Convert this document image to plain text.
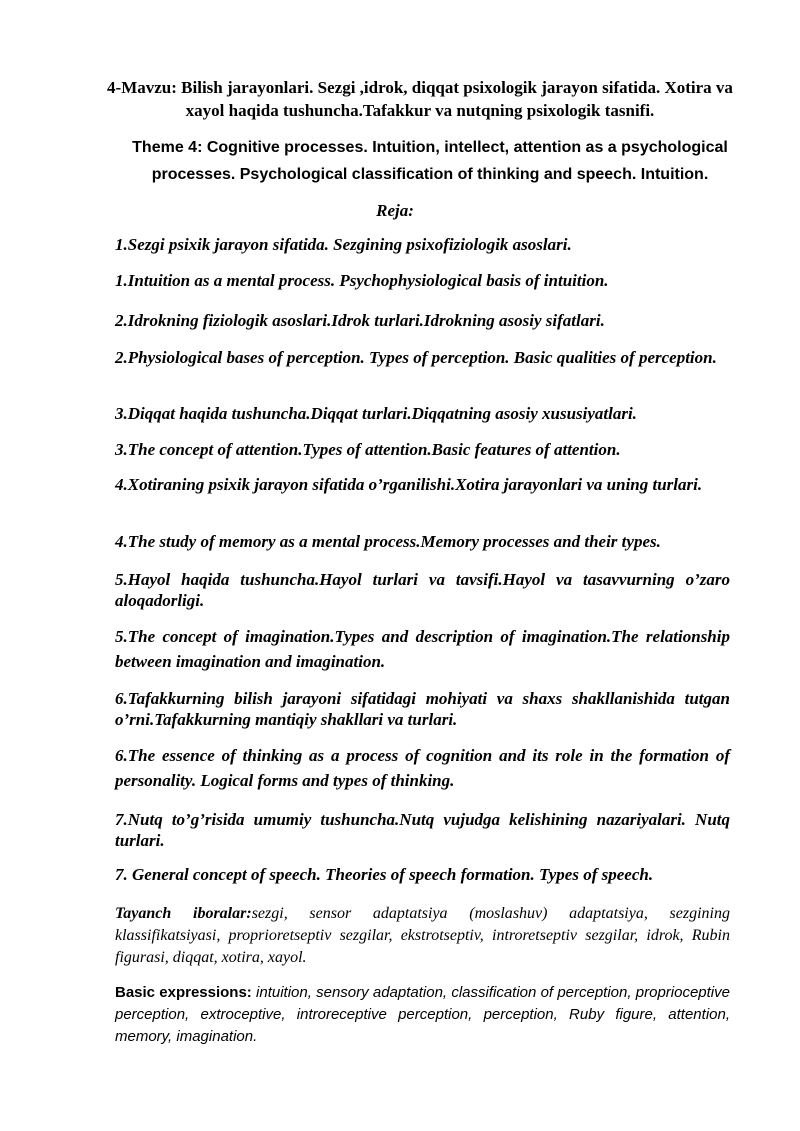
4-Mavzu: Bilish jarayonlari. Sezgi ,idrok, diqqat psixologik jarayon sifatida. Xotira va xayol haqida tushuncha.Tafakkur va nutqning psixologik tasnifi.
Theme 4: Cognitive processes. Intuition, intellect, attention as a psychological processes. Psychological classification of thinking and speech. Intuition.
Reja:
1.Sezgi psixik jarayon sifatida. Sezgining psixofiziologik asoslari.
1.Intuition as a mental process. Psychophysiological basis of intuition.
2.Idrokning fiziologik asoslari.Idrok turlari.Idrokning asosiy sifatlari.
2.Physiological bases of perception. Types of perception. Basic qualities of perception.
3.Diqqat haqida tushuncha.Diqqat turlari.Diqqatning asosiy xususiyatlari.
3.The concept of attention.Types of attention.Basic features of attention.
4.Xotiraning psixik jarayon sifatida o’rganilishi.Xotira jarayonlari va uning turlari.
4.The study of memory as a mental process.Memory processes and their types.
5.Hayol haqida tushuncha.Hayol turlari va tavsifi.Hayol va tasavvurning o’zaro aloqadorligi.
5.The concept of imagination.Types and description of imagination.The relationship between imagination and imagination.
6.Tafakkurning bilish jarayoni sifatidagi mohiyati va shaxs shakllanishida tutgan o’rni.Tafakkurning mantiqiy shakllari va turlari.
6.The essence of thinking as a process of cognition and its role in the formation of personality. Logical forms and types of thinking.
7.Nutq to’g’risida umumiy tushuncha.Nutq vujudga kelishining nazariyalari. Nutq turlari.
7. General concept of speech. Theories of speech formation. Types of speech.
Tayanch iboralar:sezgi, sensor adaptatsiya (moslashuv) adaptatsiya, sezgining klassifikatsiyasi, proprioretseptiv sezgilar, ekstrotseptiv, introretseptiv sezgilar, idrok, Rubin figurasi, diqqat, xotira, xayol.
Basic expressions: intuition, sensory adaptation, classification of perception, proprioceptive perception, extroceptive, introreceptive perception, perception, Ruby figure, attention, memory, imagination.
